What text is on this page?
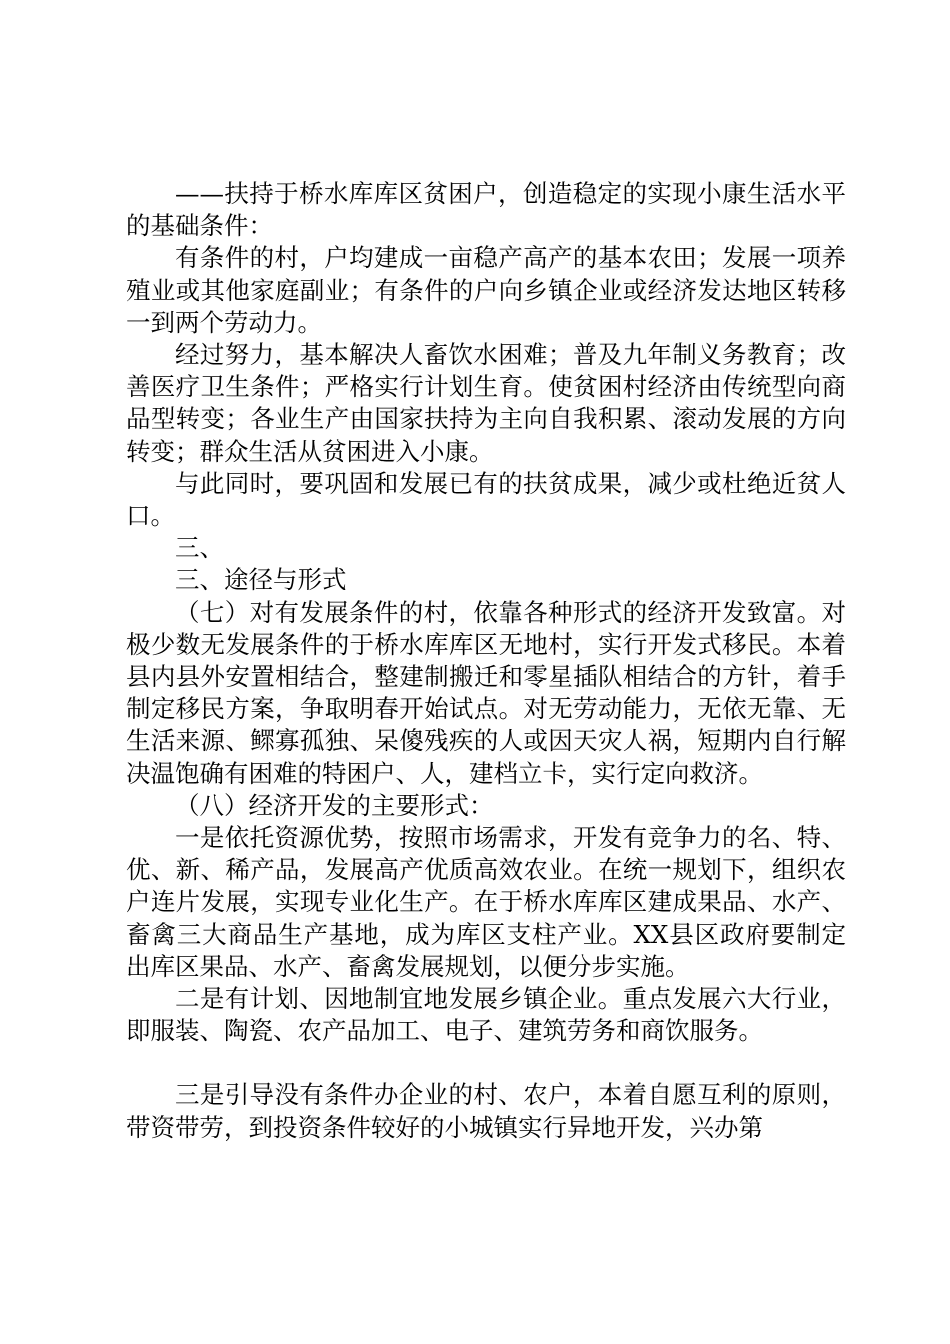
——扶持于桥水库库区贫困户，创造稳定的实现小康生活水平的基础条件：

有条件的村，户均建成一亩稳产高产的基本农田；发展一项养殖业或其他家庭副业；有条件的户向乡镇企业或经济发达地区转移一到两个劳动力。

经过努力，基本解决人畜饮水困难；普及九年制义务教育；改善医疗卫生条件；严格实行计划生育。使贫困村经济由传统型向商品型转变；各业生产由国家扶持为主向自我积累、滚动发展的方向转变；群众生活从贫困进入小康。

与此同时，要巩固和发展已有的扶贫成果，减少或杜绝近贫人口。

三、

三、途径与形式

（七）对有发展条件的村，依靠各种形式的经济开发致富。对极少数无发展条件的于桥水库库区无地村，实行开发式移民。本着县内县外安置相结合，整建制搬迁和零星插队相结合的方针，着手制定移民方案，争取明春开始试点。对无劳动能力，无依无靠、无生活来源、鳏寡孤独、呆傻残疾的人或因天灾人祸，短期内自行解决温饱确有困难的特困户、人，建档立卡，实行定向救济。

（八）经济开发的主要形式：

一是依托资源优势，按照市场需求，开发有竞争力的名、特、优、新、稀产品，发展高产优质高效农业。在统一规划下，组织农户连片发展，实现专业化生产。在于桥水库库区建成果品、水产、畜禽三大商品生产基地，成为库区支柱产业。XX县区政府要制定出库区果品、水产、畜禽发展规划，以便分步实施。

二是有计划、因地制宜地发展乡镇企业。重点发展六大行业，即服装、陶瓷、农产品加工、电子、建筑劳务和商饮服务。

三是引导没有条件办企业的村、农户，本着自愿互利的原则，带资带劳，到投资条件较好的小城镇实行异地开发，兴办第
